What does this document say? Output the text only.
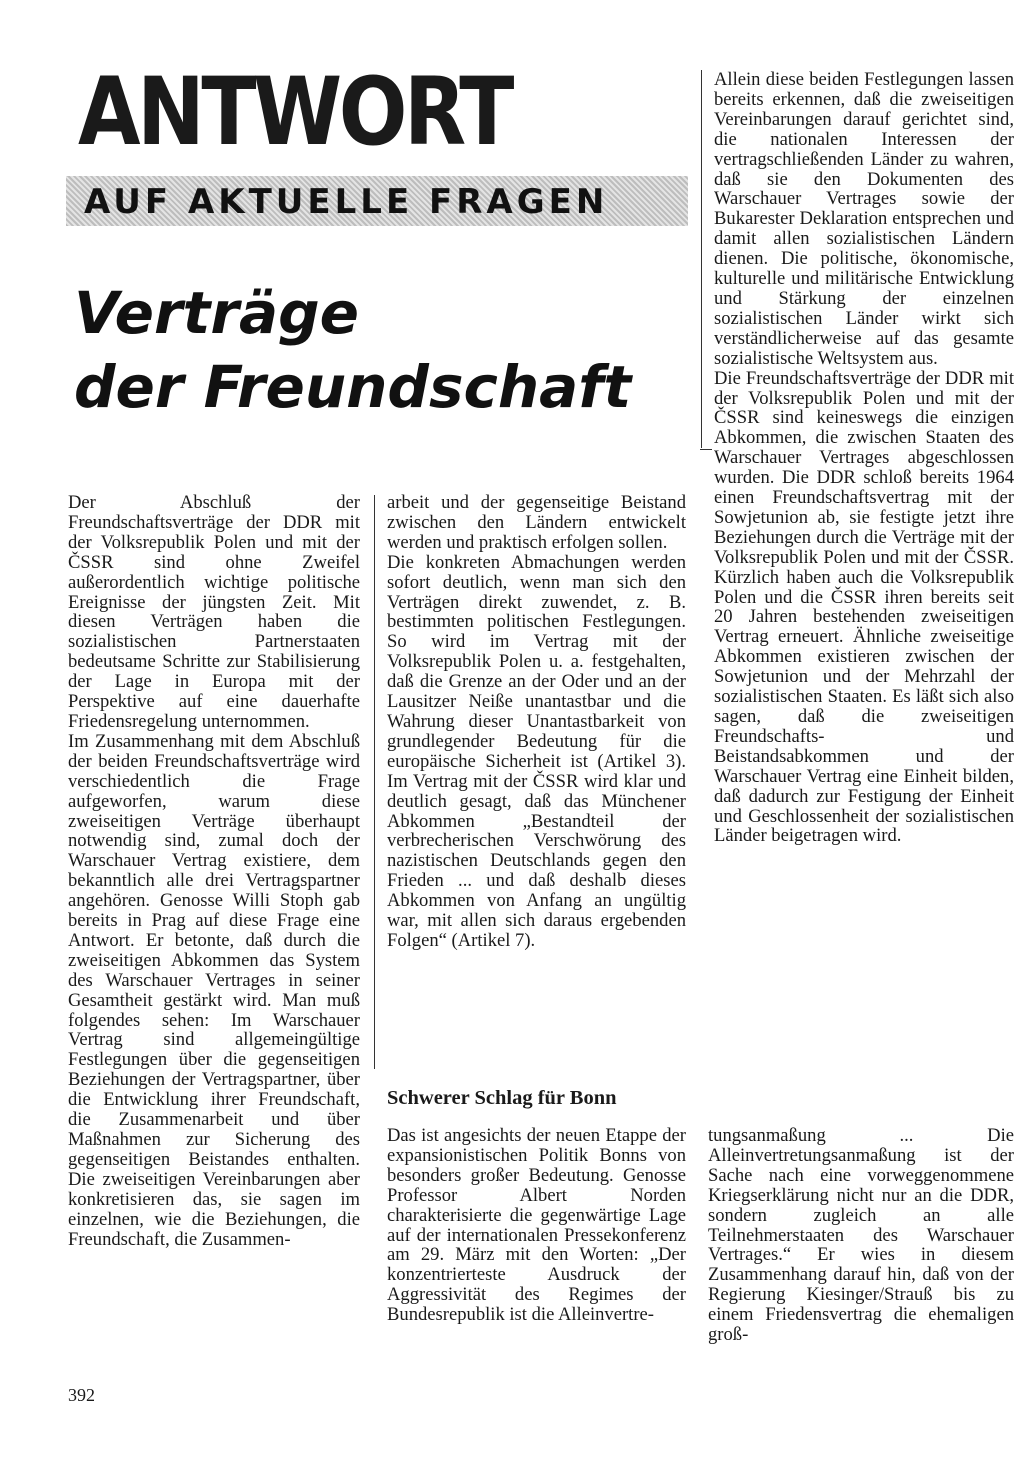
ANTWORT
AUF AKTUELLE FRAGEN
Verträge
der Freundschaft

Allein diese beiden Festlegungen lassen bereits erkennen, daß die zweiseitigen Vereinbarungen darauf gerichtet sind, die nationalen Interessen der vertragschließenden Länder zu wahren, daß sie den Dokumenten des Warschauer Vertrages sowie der Bukarester Deklaration entsprechen und damit allen sozialistischen Ländern dienen. Die politische, ökonomische, kulturelle und militärische Entwicklung und Stärkung der einzelnen sozialistischen Länder wirkt sich verständlicherweise auf das gesamte sozialistische Weltsystem aus.

Die Freundschaftsverträge der DDR mit der Volksrepublik Polen und mit der ČSSR sind keineswegs die einzigen Abkommen, die zwischen Staaten des Warschauer Vertrages abgeschlossen wurden. Die DDR schloß bereits 1964 einen Freundschaftsvertrag mit der Sowjetunion ab, sie festigte jetzt ihre Beziehungen durch die Verträge mit der Volksrepublik Polen und mit der ČSSR. Kürzlich haben auch die Volksrepublik Polen und die ČSSR ihren bereits seit 20 Jahren bestehenden zweiseitigen Vertrag erneuert. Ähnliche zweiseitige Abkommen existieren zwischen der Sowjetunion und der Mehrzahl der sozialistischen Staaten. Es läßt sich also sagen, daß die zweiseitigen Freundschafts- und Beistandsabkommen und der Warschauer Vertrag eine Einheit bilden, daß dadurch zur Festigung der Einheit und Geschlossenheit der sozialistischen Länder beigetragen wird.

Der Abschluß der Freundschaftsverträge der DDR mit der Volksrepublik Polen und mit der ČSSR sind ohne Zweifel außerordentlich wichtige politische Ereignisse der jüngsten Zeit. Mit diesen Verträgen haben die sozialistischen Partnerstaaten bedeutsame Schritte zur Stabilisierung der Lage in Europa mit der Perspektive auf eine dauerhafte Friedensregelung unternommen.

Im Zusammenhang mit dem Abschluß der beiden Freundschaftsverträge wird verschiedentlich die Frage aufgeworfen, warum diese zweiseitigen Verträge überhaupt notwendig sind, zumal doch der Warschauer Vertrag existiere, dem bekanntlich alle drei Vertragspartner angehören. Genosse Willi Stoph gab bereits in Prag auf diese Frage eine Antwort. Er betonte, daß durch die zweiseitigen Abkommen das System des Warschauer Vertrages in seiner Gesamtheit gestärkt wird. Man muß folgendes sehen: Im Warschauer Vertrag sind allgemeingültige Festlegungen über die gegenseitigen Beziehungen der Vertragspartner, über die Entwicklung ihrer Freundschaft, die Zusammenarbeit und über Maßnahmen zur Sicherung des gegenseitigen Beistandes enthalten. Die zweiseitigen Vereinbarungen aber konkretisieren das, sie sagen im einzelnen, wie die Beziehungen, die Freundschaft, die Zusammen-

arbeit und der gegenseitige Beistand zwischen den Ländern entwickelt werden und praktisch erfolgen sollen.

Die konkreten Abmachungen werden sofort deutlich, wenn man sich den Verträgen direkt zuwendet, z. B. bestimmten politischen Festlegungen. So wird im Vertrag mit der Volksrepublik Polen u. a. festgehalten, daß die Grenze an der Oder und an der Lausitzer Neiße unantastbar und die Wahrung dieser Unantastbarkeit von grundlegender Bedeutung für die europäische Sicherheit ist (Artikel 3). Im Vertrag mit der ČSSR wird klar und deutlich gesagt, daß das Münchener Abkommen „Bestandteil der verbrecherischen Verschwörung des nazistischen Deutschlands gegen den Frieden ... und daß deshalb dieses Abkommen von Anfang an ungültig war, mit allen sich daraus ergebenden Folgen“ (Artikel 7).

Schwerer Schlag für Bonn

Das ist angesichts der neuen Etappe der expansionistischen Politik Bonns von besonders großer Bedeutung. Genosse Professor Albert Norden charakterisierte die gegenwärtige Lage auf der internationalen Pressekonferenz am 29. März mit den Worten: „Der konzentrierteste Ausdruck der Aggressivität des Regimes der Bundesrepublik ist die Alleinvertre-

tungsanmaßung ... Die Alleinvertretungsanmaßung ist der Sache nach eine vorweggenommene Kriegserklärung nicht nur an die DDR, sondern zugleich an alle Teilnehmerstaaten des Warschauer Vertrages.“ Er wies in diesem Zusammenhang darauf hin, daß von der Regierung Kiesinger/Strauß bis zu einem Friedensvertrag die ehemaligen groß-

392
